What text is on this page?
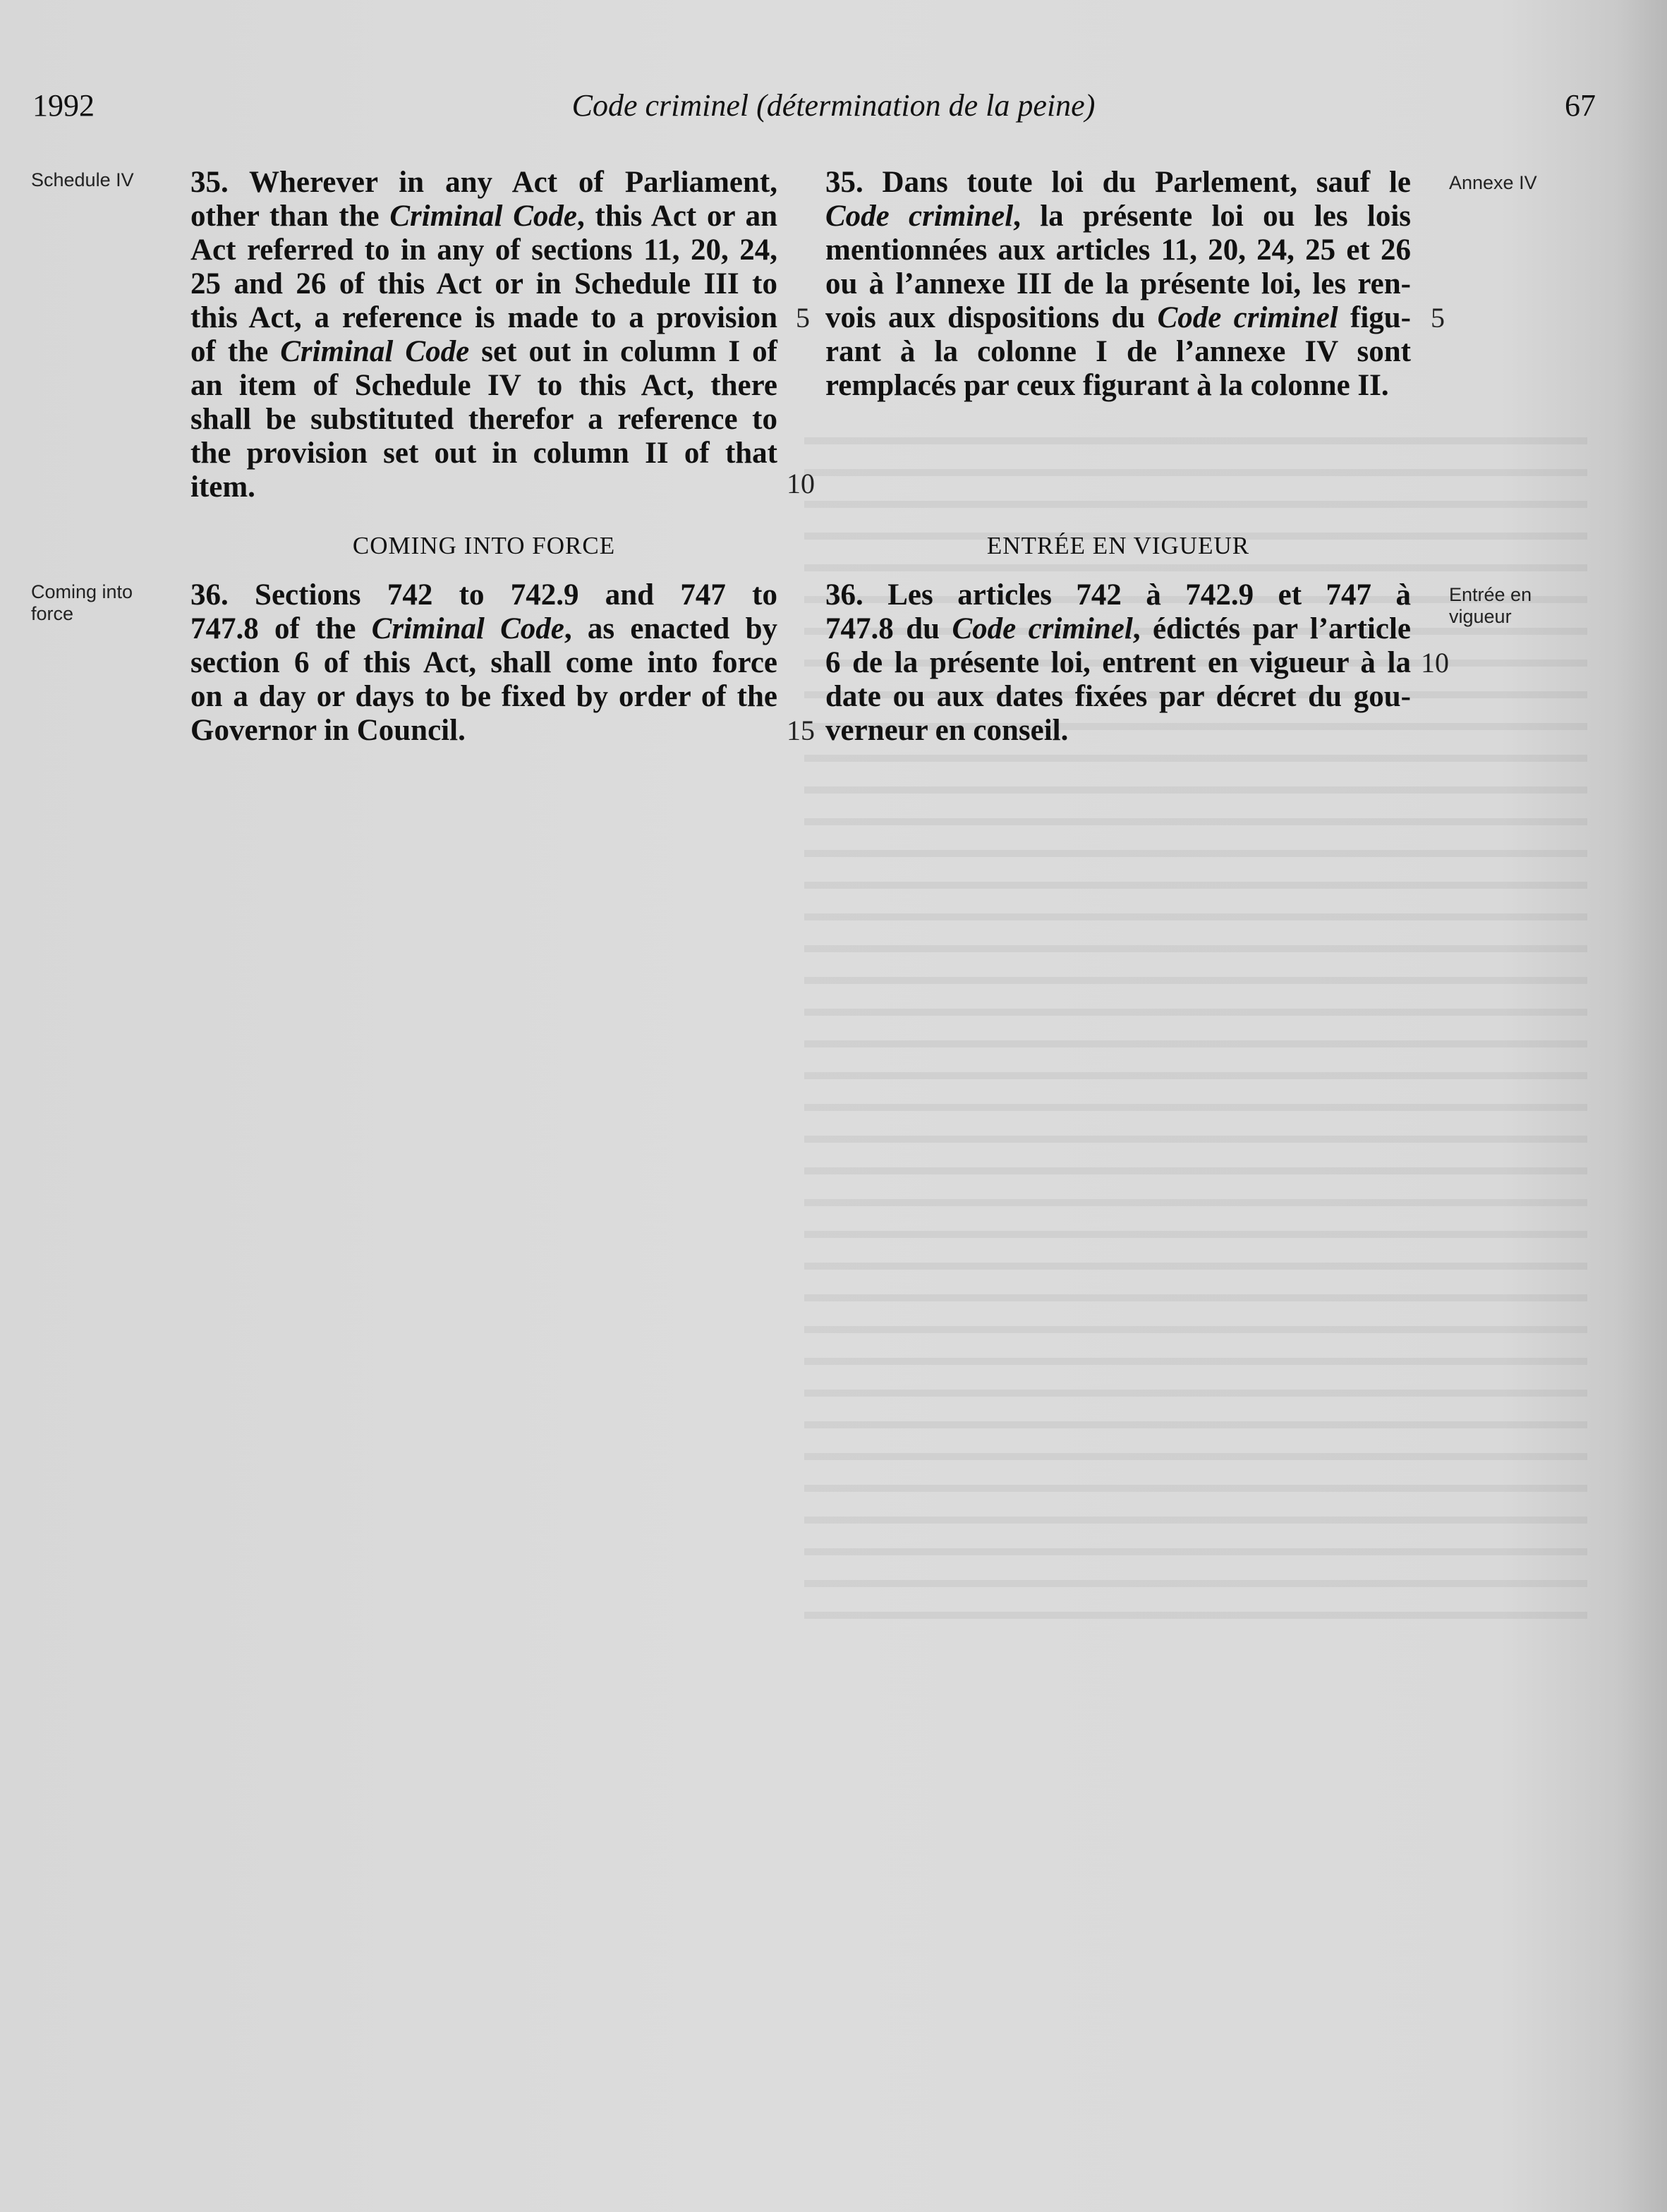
1992	Code criminel (détermination de la peine)	67
Schedule IV
Coming into
force
Annexe IV
Entrée en
vigueur
35. Wherever in any Act of Parliament,
other than the Criminal Code, this Act or an
Act referred to in any of sections 11, 20, 24,
25 and 26 of this Act or in Schedule III to
this Act, a reference is made to a provision
of the Criminal Code set out in column I of
an item of Schedule IV to this Act, there
shall be substituted therefor a reference to
the provision set out in column II of that
item.
COMING INTO FORCE
36. Sections 742 to 742.9 and 747 to
747.8 of the Criminal Code, as enacted by
section 6 of this Act, shall come into force
on a day or days to be fixed by order of the
Governor in Council.
35. Dans toute loi du Parlement, sauf le
Code criminel, la présente loi ou les lois
mentionnées aux articles 11, 20, 24, 25 et 26
ou à l’annexe III de la présente loi, les ren-
vois aux dispositions du Code criminel figu-
rant à la colonne I de l’annexe IV sont
remplacés par ceux figurant à la colonne II.
ENTRÉE EN VIGUEUR
36. Les articles 742 à 742.9 et 747 à
747.8 du Code criminel, édictés par l’article
6 de la présente loi, entrent en vigueur à la
date ou aux dates fixées par décret du gou-
verneur en conseil.
5	5
10
10
15
